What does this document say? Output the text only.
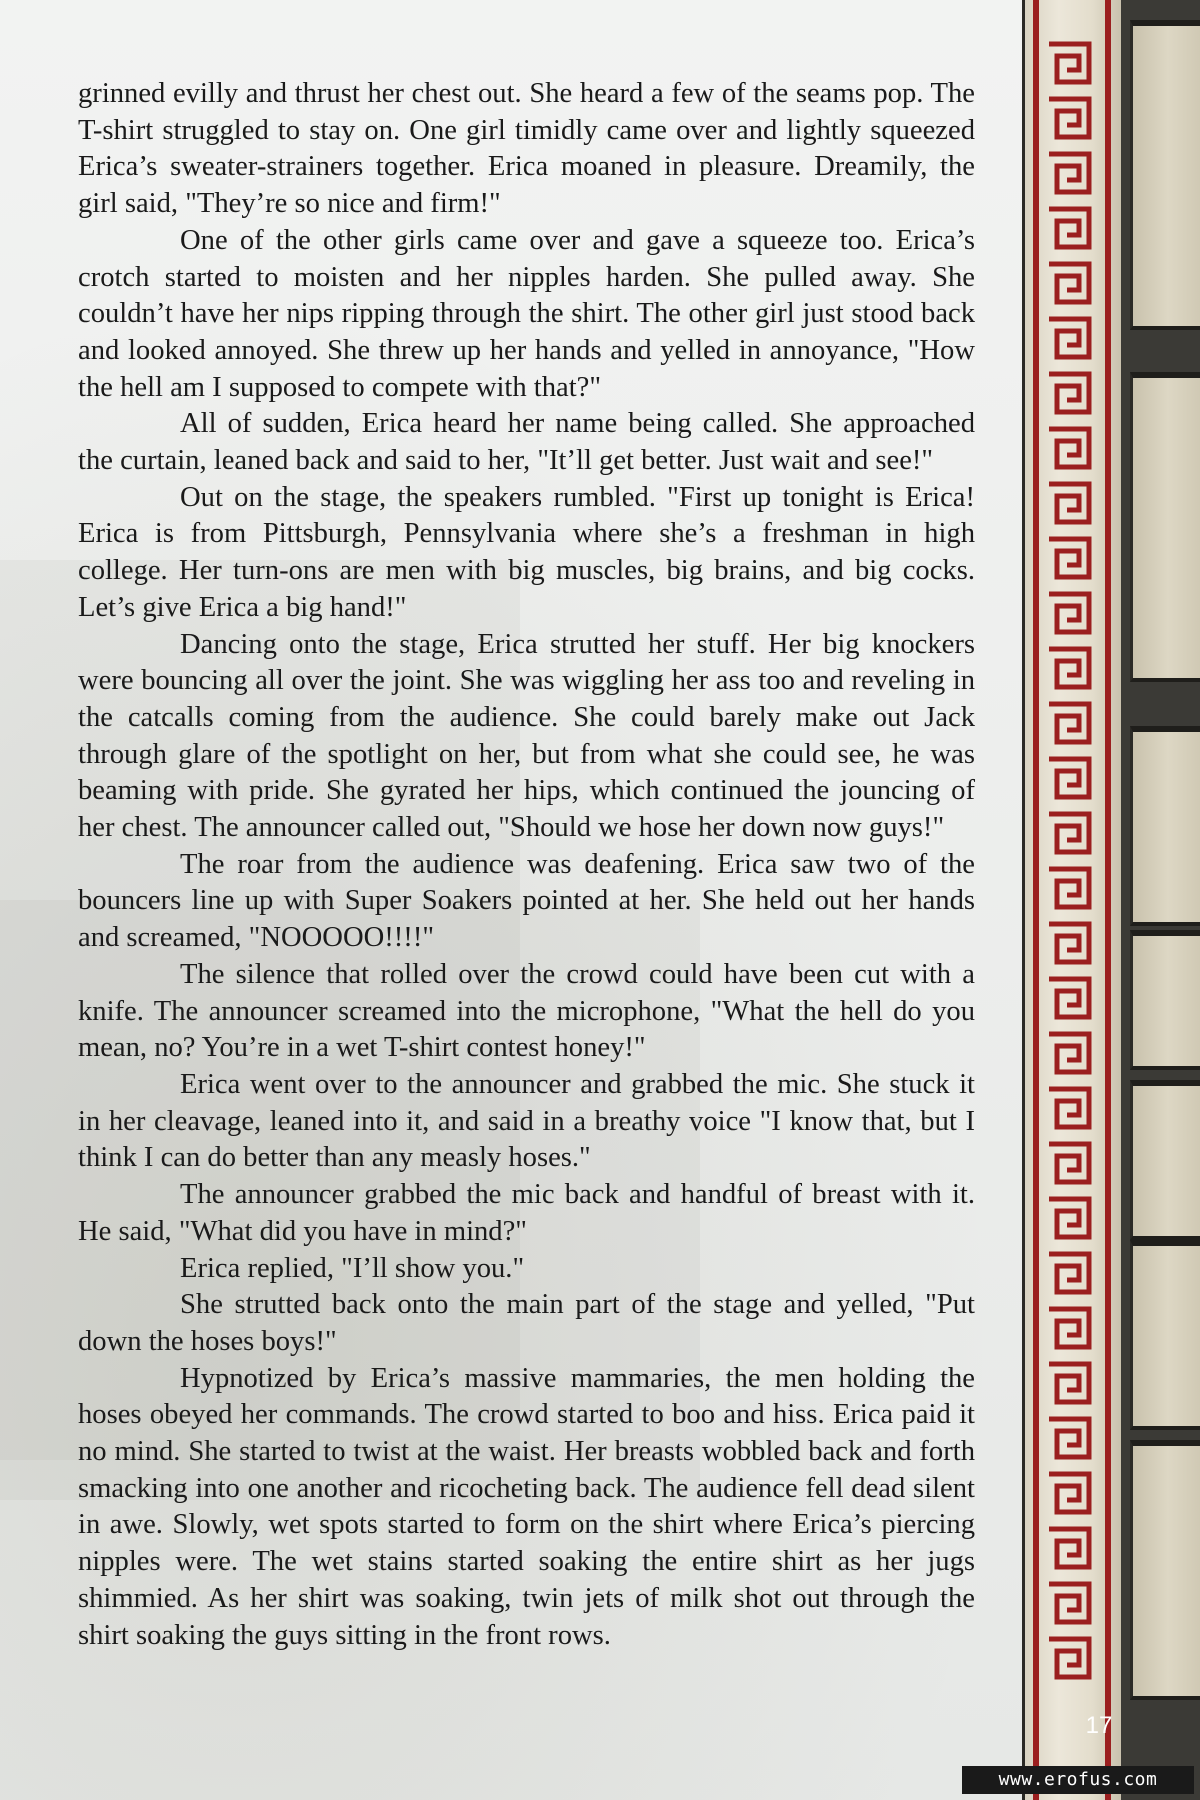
grinned evilly and thrust her chest out. She heard a few of the seams pop. The T-shirt struggled to stay on. One girl timidly came over and lightly squeezed Erica’s sweater-strainers together. Erica moaned in pleasure. Dreamily, the girl said, "They’re so nice and firm!"

One of the other girls came over and gave a squeeze too. Erica’s crotch started to moisten and her nipples harden. She pulled away. She couldn’t have her nips ripping through the shirt. The other girl just stood back and looked annoyed. She threw up her hands and yelled in annoyance, "How the hell am I supposed to compete with that?"

All of sudden, Erica heard her name being called. She approached the curtain, leaned back and said to her, "It’ll get better. Just wait and see!"

Out on the stage, the speakers rumbled. "First up tonight is Erica! Erica is from Pittsburgh, Pennsylvania where she’s a freshman in high college. Her turn-ons are men with big muscles, big brains, and big cocks. Let’s give Erica a big hand!"

Dancing onto the stage, Erica strutted her stuff. Her big knockers were bouncing all over the joint. She was wiggling her ass too and reveling in the catcalls coming from the audience. She could barely make out Jack through glare of the spotlight on her, but from what she could see, he was beaming with pride. She gyrated her hips, which continued the jouncing of her chest. The announcer called out, "Should we hose her down now guys!"

The roar from the audience was deafening. Erica saw two of the bouncers line up with Super Soakers pointed at her. She held out her hands and screamed, "NOOOOO!!!!"

The silence that rolled over the crowd could have been cut with a knife. The announcer screamed into the microphone, "What the hell do you mean, no? You’re in a wet T-shirt contest honey!"

Erica went over to the announcer and grabbed the mic. She stuck it in her cleavage, leaned into it, and said in a breathy voice "I know that, but I think I can do better than any measly hoses."

The announcer grabbed the mic back and handful of breast with it. He said, "What did you have in mind?"

Erica replied, "I’ll show you."

She strutted back onto the main part of the stage and yelled, "Put down the hoses boys!"

Hypnotized by Erica’s massive mammaries, the men holding the hoses obeyed her commands. The crowd started to boo and hiss. Erica paid it no mind. She started to twist at the waist. Her breasts wobbled back and forth smacking into one another and ricocheting back. The audience fell dead silent in awe. Slowly, wet spots started to form on the shirt where Erica’s piercing nipples were. The wet stains started soaking the entire shirt as her jugs shimmied. As her shirt was soaking, twin jets of milk shot out through the shirt soaking the guys sitting in the front rows.

17
www.erofus.com
